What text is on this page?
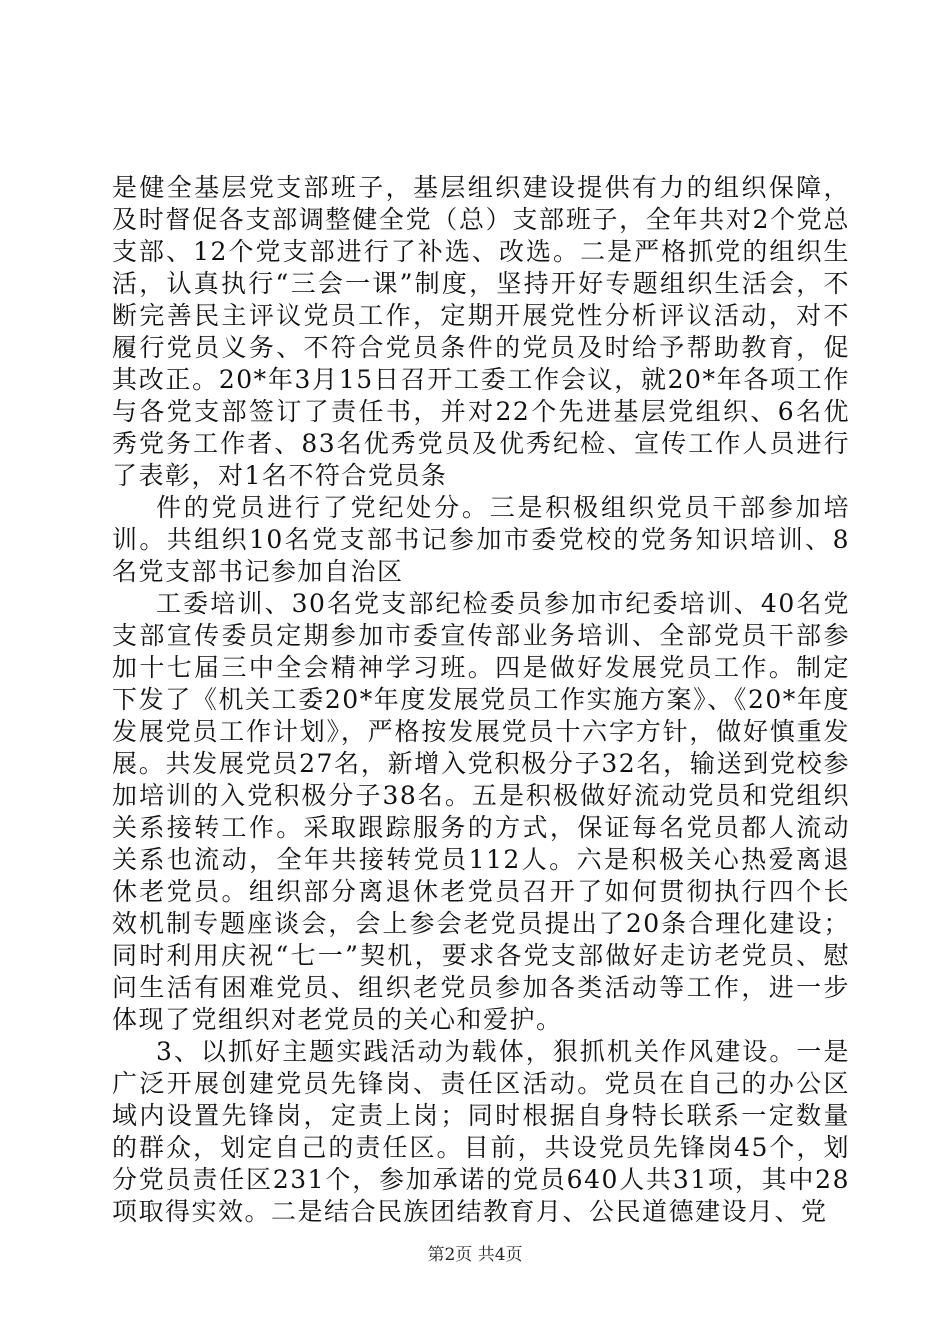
是健全基层党支部班子，基层组织建设提供有力的组织保障，及时督促各支部调整健全党（总）支部班子，全年共对2个党总支部、12个党支部进行了补选、改选。二是严格抓党的组织生活，认真执行“三会一课”制度，坚持开好专题组织生活会，不断完善民主评议党员工作，定期开展党性分析评议活动，对不履行党员义务、不符合党员条件的党员及时给予帮助教育，促其改正。20*年3月15日召开工委工作会议，就20*年各项工作与各党支部签订了责任书，并对22个先进基层党组织、6名优秀党务工作者、83名优秀党员及优秀纪检、宣传工作人员进行了表彰，对1名不符合党员条

件的党员进行了党纪处分。三是积极组织党员干部参加培训。共组织10名党支部书记参加市委党校的党务知识培训、8名党支部书记参加自治区

工委培训、30名党支部纪检委员参加市纪委培训、40名党支部宣传委员定期参加市委宣传部业务培训、全部党员干部参加十七届三中全会精神学习班。四是做好发展党员工作。制定下发了《机关工委20*年度发展党员工作实施方案》、《20*年度发展党员工作计划》，严格按发展党员十六字方针，做好慎重发展。共发展党员27名，新增入党积极分子32名，输送到党校参加培训的入党积极分子38名。五是积极做好流动党员和党组织关系接转工作。采取跟踪服务的方式，保证每名党员都人流动关系也流动，全年共接转党员112人。六是积极关心热爱离退休老党员。组织部分离退休老党员召开了如何贯彻执行四个长效机制专题座谈会，会上参会老党员提出了20条合理化建设；同时利用庆祝“七一”契机，要求各党支部做好走访老党员、慰问生活有困难党员、组织老党员参加各类活动等工作，进一步体现了党组织对老党员的关心和爱护。

3、以抓好主题实践活动为载体，狠抓机关作风建设。一是广泛开展创建党员先锋岗、责任区活动。党员在自己的办公区域内设置先锋岗，定责上岗；同时根据自身特长联系一定数量的群众，划定自己的责任区。目前，共设党员先锋岗45个，划分党员责任区231个，参加承诺的党员640人共31项，其中28项取得实效。二是结合民族团结教育月、公民道德建设月、党

第2页 共4页
